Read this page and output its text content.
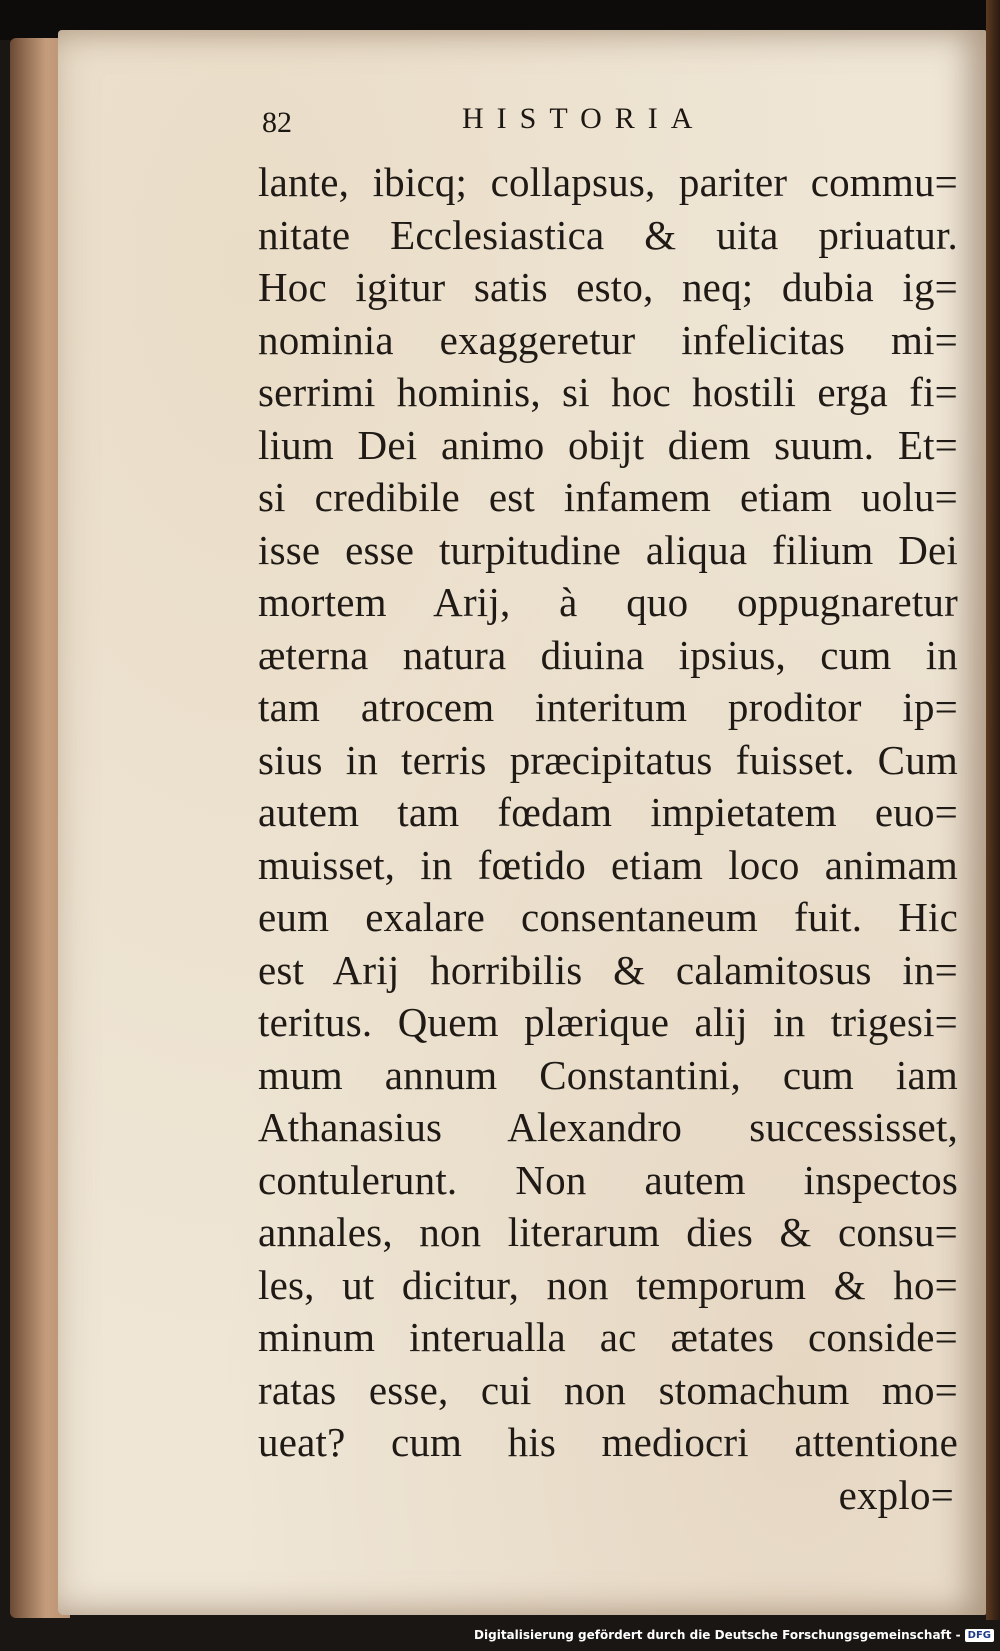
82	HISTORIA
lante, ibicq; collapsus, pariter commu=
nitate Ecclesiastica & uita priuatur.
Hoc igitur satis esto, neq; dubia ig=
nominia exaggeretur infelicitas mi=
serrimi hominis, si hoc hostili erga fi=
lium Dei animo obijt diem suum. Et=
si credibile est infamem etiam uolu=
isse esse turpitudine aliqua filium Dei
mortem Arij, à quo oppugnaretur
æterna natura diuina ipsius, cum in
tam atrocem interitum proditor ip=
sius in terris præcipitatus fuisset. Cum
autem tam fœdam impietatem euo=
muisset, in fœtido etiam loco animam
eum exalare consentaneum fuit. Hic
est Arij horribilis & calamitosus in=
teritus. Quem plærique alij in trigesi=
mum annum Constantini, cum iam
Athanasius Alexandro successisset,
contulerunt. Non autem inspectos
annales, non literarum dies & consu=
les, ut dicitur, non temporum & ho=
minum interualla ac ætates conside=
ratas esse, cui non stomachum mo=
ueat? cum his mediocri attentione
explo=
Digitalisierung gefördert durch die Deutsche Forschungsgemeinschaft - DFG
